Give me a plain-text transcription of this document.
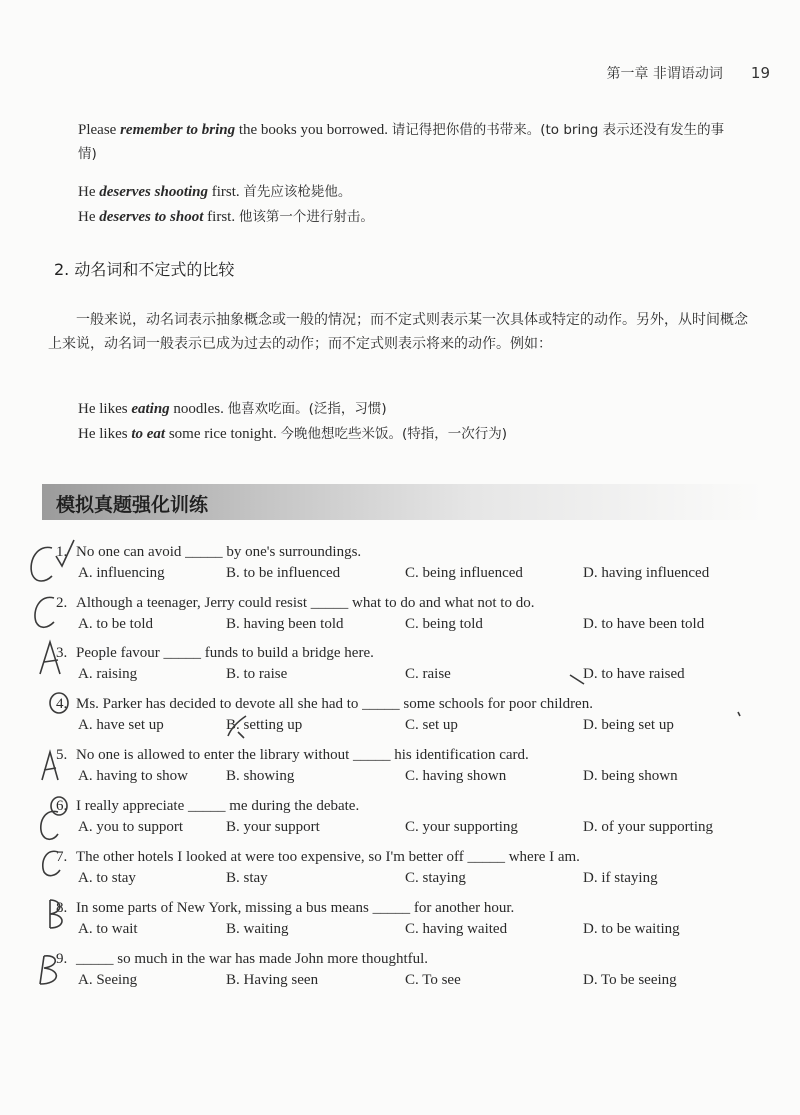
第一章 非谓语动词 19
Please remember to bring the books you borrowed. 请记得把你借的书带来。(to bring 表示还没有发生的事情)
He deserves shooting first. 首先应该枪毙他。
He deserves to shoot first. 他该第一个进行射击。
2. 动名词和不定式的比较
一般来说，动名词表示抽象概念或一般的情况；而不定式则表示某一次具体或特定的动作。另外，从时间概念上来说，动名词一般表示已成为过去的动作；而不定式则表示将来的动作。例如：
He likes eating noodles. 他喜欢吃面。(泛指，习惯)
He likes to eat some rice tonight. 今晚他想吃些米饭。(特指，一次行为)
模拟真题强化训练
1. No one can avoid _____ by one's surroundings.
A. influencing	B. to be influenced	C. being influenced	D. having influenced
2. Although a teenager, Jerry could resist _____ what to do and what not to do.
A. to be told	B. having been told	C. being told	D. to have been told
3. People favour _____ funds to build a bridge here.
A. raising	B. to raise	C. raise	D. to have raised
4. Ms. Parker has decided to devote all she had to _____ some schools for poor children.
A. have set up	B. setting up	C. set up	D. being set up
5. No one is allowed to enter the library without _____ his identification card.
A. having to show	B. showing	C. having shown	D. being shown
6. I really appreciate _____ me during the debate.
A. you to support	B. your support	C. your supporting	D. of your supporting
7. The other hotels I looked at were too expensive, so I'm better off _____ where I am.
A. to stay	B. stay	C. staying	D. if staying
8. In some parts of New York, missing a bus means _____ for another hour.
A. to wait	B. waiting	C. having waited	D. to be waiting
9. _____ so much in the war has made John more thoughtful.
A. Seeing	B. Having seen	C. To see	D. To be seeing
